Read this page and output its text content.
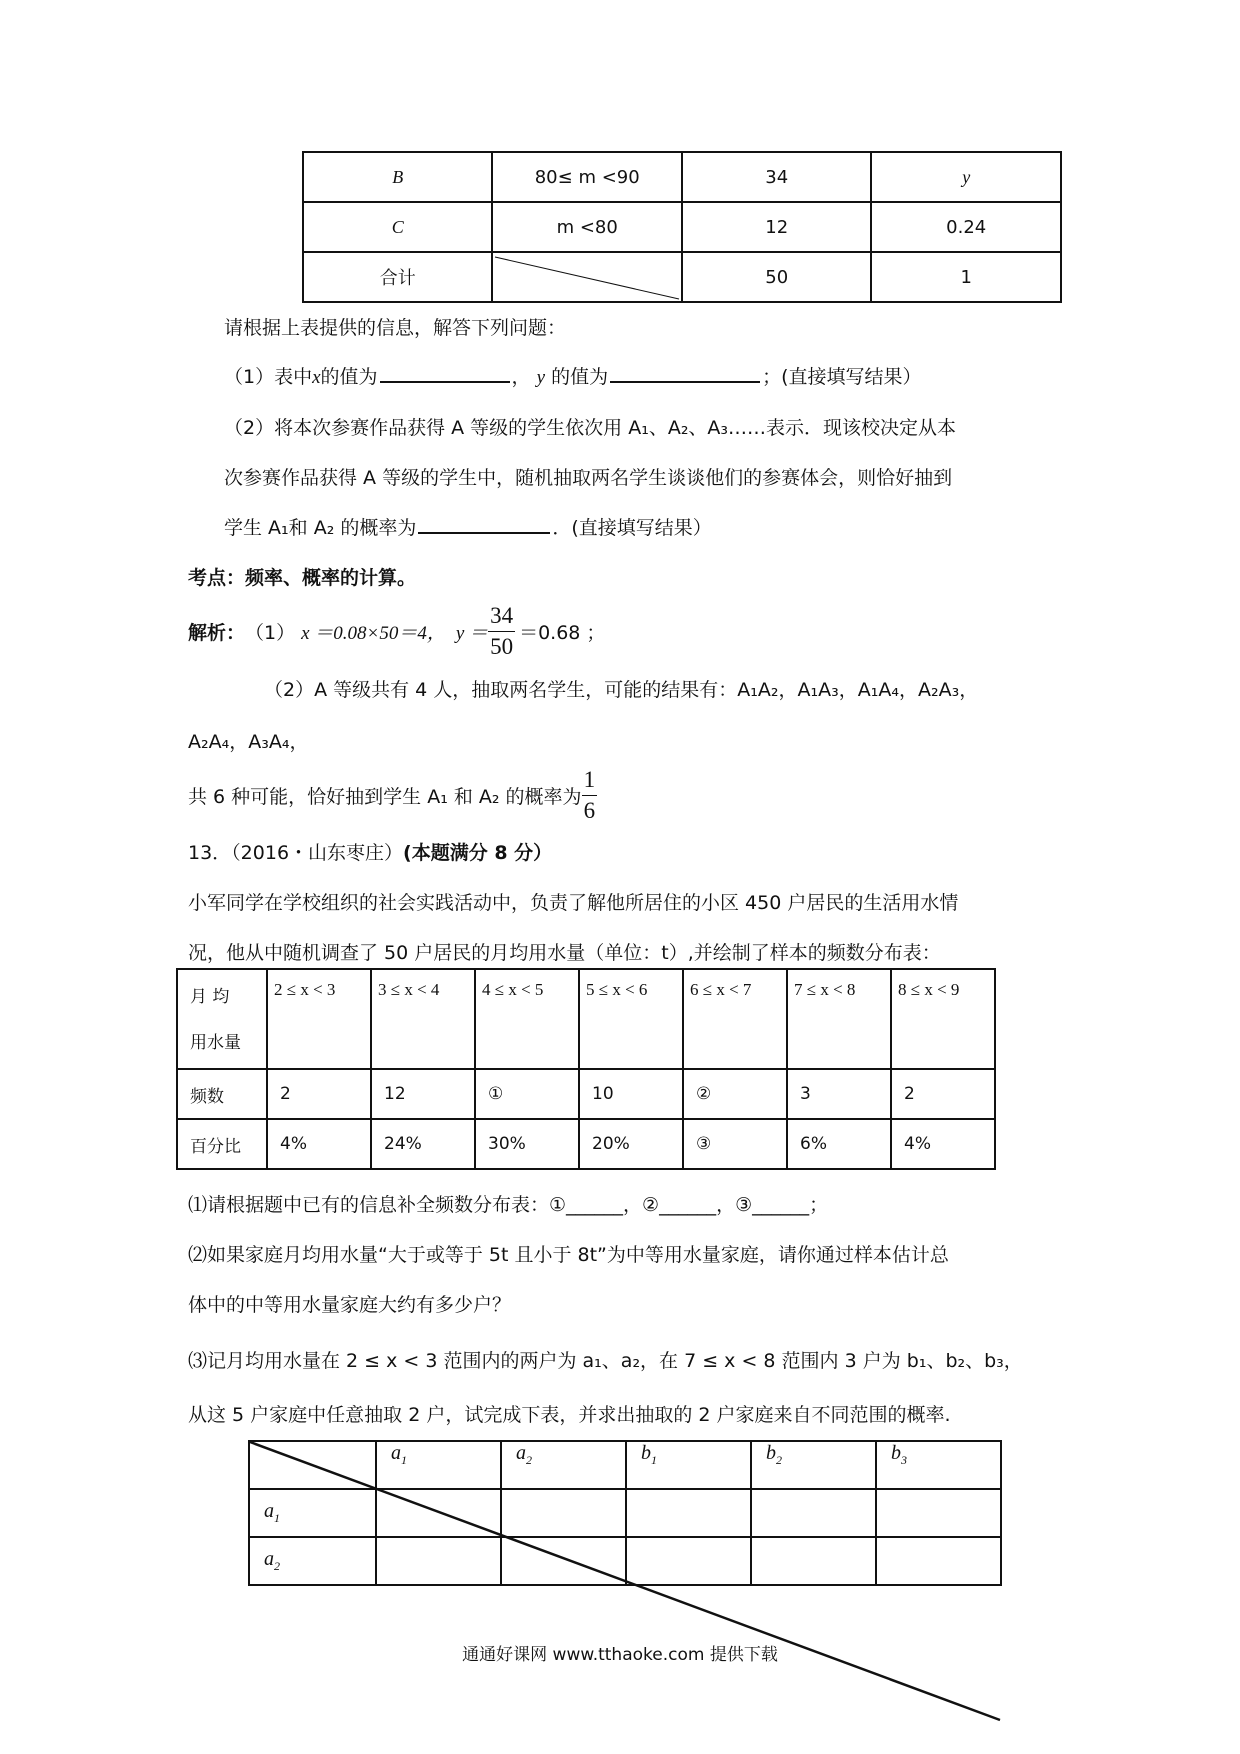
B	80≤ m <90	34	y
C	m <80	12	0.24
合计		50	1
请根据上表提供的信息，解答下列问题：
（1）表中x的值为	， y 的值为	；(直接填写结果）
（2）将本次参赛作品获得 A 等级的学生依次用 A₁、A₂、A₃……表示．现该校决定从本
次参赛作品获得 A 等级的学生中，随机抽取两名学生谈谈他们的参赛体会，则恰好抽到
学生 A₁和 A₂ 的概率为	．(直接填写结果）
考点：频率、概率的计算。
解析： （1） x ＝0.08×50＝4， $y = \frac{34}{50} =0.68$ ；
（2）A 等级共有 4 人，抽取两名学生，可能的结果有：A₁A₂，A₁A₃，A₁A₄，A₂A₃，
A₂A₄，A₃A₄，
共 6 种可能，恰好抽到学生 A₁ 和 A₂ 的概率为 $\frac{1}{6}$
13．（2016・山东枣庄）(本题满分 8 分）
小军同学在学校组织的社会实践活动中，负责了解他所居住的小区 450 户居民的生活用水情
况，他从中随机调查了 50 户居民的月均用水量（单位：t）,并绘制了样本的频数分布表：
月 均
用水量	2 ≤ x < 3	3 ≤ x < 4	4 ≤ x < 5	5 ≤ x < 6	6 ≤ x < 7	7 ≤ x < 8	8 ≤ x < 9
频数	2	12	①	10	②	3	2
百分比	4%	24%	30%	20%	③	6%	4%
⑴请根据题中已有的信息补全频数分布表：①______，②______，③______；
⑵如果家庭月均用水量“大于或等于 5t 且小于 8t”为中等用水量家庭，请你通过样本估计总
体中的中等用水量家庭大约有多少户？
⑶记月均用水量在 2 ≤ x < 3 范围内的两户为 a₁、a₂，在 7 ≤ x < 8 范围内 3 户为 b₁、b₂、b₃，
从这 5 户家庭中任意抽取 2 户，试完成下表，并求出抽取的 2 户家庭来自不同范围的概率.
	$a_1$	$a_2$	$b_1$	$b_2$	$b_3$
$a_1$					
$a_2$					
通通好课网 www.tthaoke.com 提供下载
